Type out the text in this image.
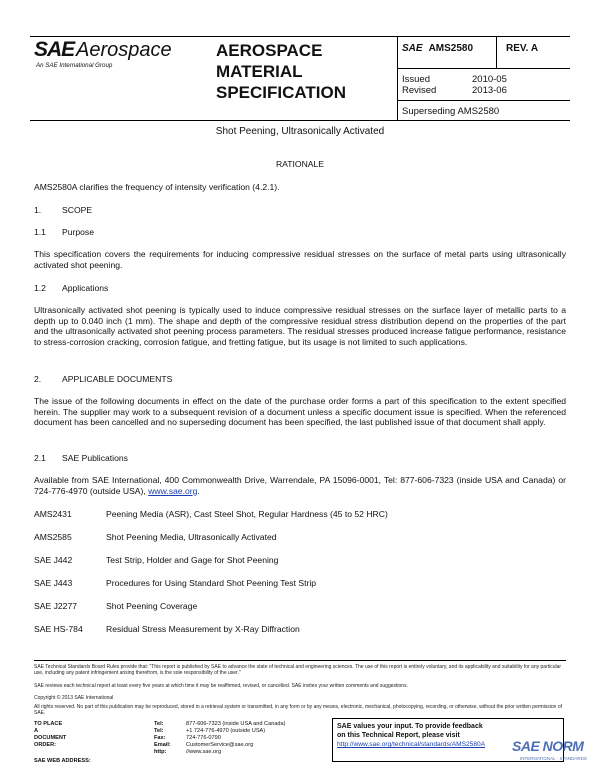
SAE Aerospace
An SAE International Group
AEROSPACE
MATERIAL
SPECIFICATION
SAE AMS2580	REV. A
Issued	2010-05
Revised	2013-06
Superseding AMS2580
Shot Peening, Ultrasonically Activated
RATIONALE
AMS2580A clarifies the frequency of intensity verification (4.2.1).
1. SCOPE
1.1 Purpose
This specification covers the requirements for inducing compressive residual stresses on the surface of metal parts using ultrasonically activated shot peening.
1.2 Applications
Ultrasonically activated shot peening is typically used to induce compressive residual stresses on the surface layer of metallic parts to a depth up to 0.040 inch (1 mm). The shape and depth of the compressive residual stress distribution depend on the properties of the part and the ultrasonically activated shot peening process parameters. The residual stresses produced increase fatigue performance, resistance to stress-corrosion cracking, corrosion fatigue, and fretting fatigue, but its usage is not limited to such applications.
2. APPLICABLE DOCUMENTS
The issue of the following documents in effect on the date of the purchase order forms a part of this specification to the extent specified herein. The supplier may work to a subsequent revision of a document unless a specific document issue is specified. When the referenced document has been cancelled and no superseding document has been specified, the last published issue of that document shall apply.
2.1 SAE Publications
Available from SAE International, 400 Commonwealth Drive, Warrendale, PA 15096-0001, Tel: 877-606-7323 (inside USA and Canada) or 724-776-4970 (outside USA), www.sae.org.
AMS2431	Peening Media (ASR), Cast Steel Shot, Regular Hardness (45 to 52 HRC)
AMS2585	Shot Peening Media, Ultrasonically Activated
SAE J442	Test Strip, Holder and Gage for Shot Peening
SAE J443	Procedures for Using Standard Shot Peening Test Strip
SAE J2277	Shot Peening Coverage
SAE HS-784	Residual Stress Measurement by X-Ray Diffraction
SAE Technical Standards Board Rules provide that: "This report is published by SAE to advance the state of technical and engineering sciences. The use of this report is entirely voluntary, and its applicability and suitability for any particular use, including any patent infringement arising therefrom, is the sole responsibility of the user."
SAE reviews each technical report at least every five years at which time it may be reaffirmed, revised, or cancelled. SAE invites your written comments and suggestions.
Copyright © 2013 SAE International
All rights reserved. No part of this publication may be reproduced, stored in a retrieval system or transmitted, in any form or by any means, electronic, mechanical, photocopying, recording, or otherwise, without the prior written permission of SAE.
TO PLACE A DOCUMENT ORDER:
Tel:	877-606-7323 (inside USA and Canada)
Tel:	+1 724-776-4970 (outside USA)
Fax:	724-776-0790
Email:	CustomerService@sae.org
http:	//www.sae.org
SAE WEB ADDRESS:
SAE values your input. To provide feedback
on this Technical Report, please visit
http://www.sae.org/technical/standards/AMS2580A	SAE NORM
INTERNATIONAL · STANDARDS
